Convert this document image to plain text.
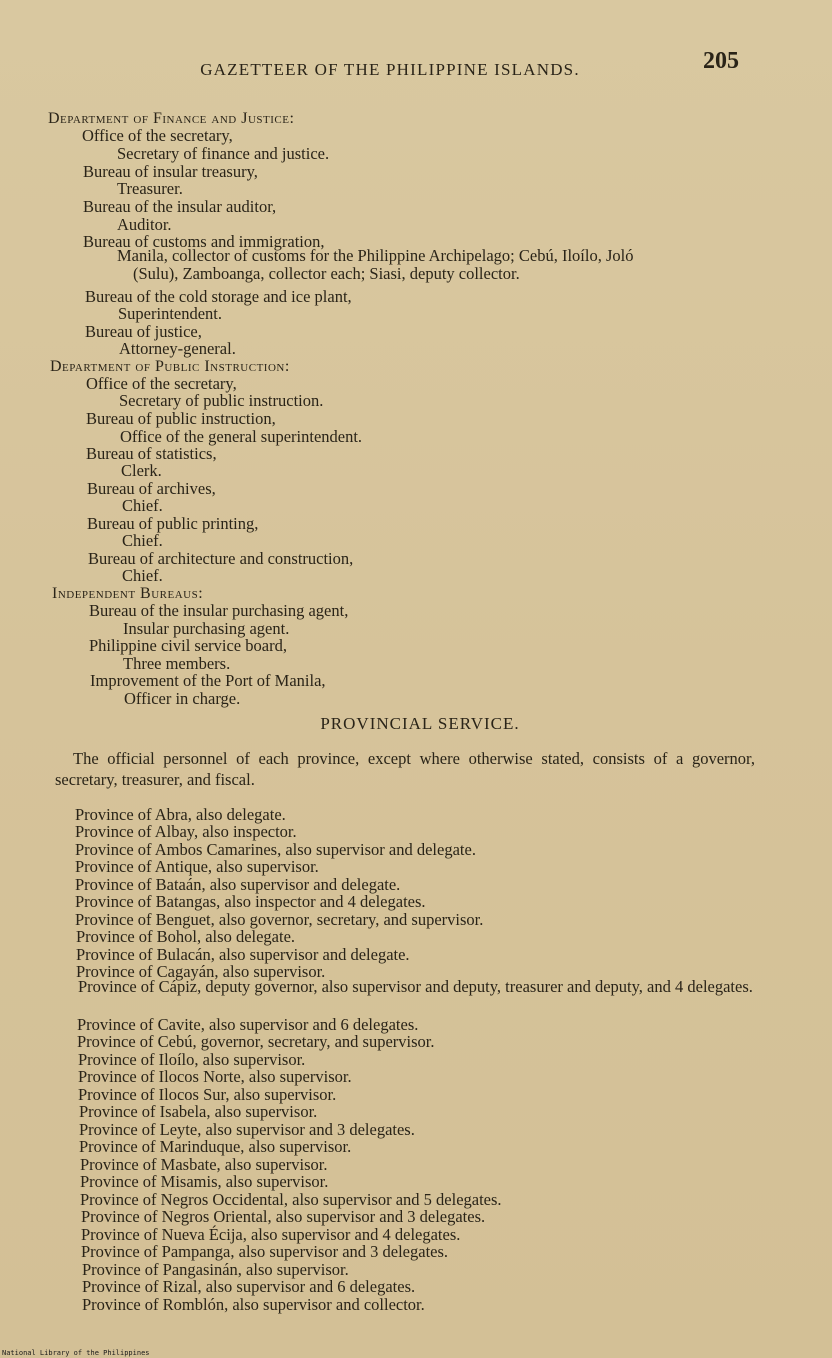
GAZETTEER OF THE PHILIPPINE ISLANDS.	205
Department of Finance and Justice:
Office of the secretary,
Secretary of finance and justice.
Bureau of insular treasury,
Treasurer.
Bureau of the insular auditor,
Auditor.
Bureau of customs and immigration,
Manila, collector of customs for the Philippine Archipelago; Cebú, Iloílo, Joló
(Sulu), Zamboanga, collector each; Siasi, deputy collector.
Bureau of the cold storage and ice plant,
Superintendent.
Bureau of justice,
Attorney-general.
Department of Public Instruction:
Office of the secretary,
Secretary of public instruction.
Bureau of public instruction,
Office of the general superintendent.
Bureau of statistics,
Clerk.
Bureau of archives,
Chief.
Bureau of public printing,
Chief.
Bureau of architecture and construction,
Chief.
Independent Bureaus:
Bureau of the insular purchasing agent,
Insular purchasing agent.
Philippine civil service board,
Three members.
Improvement of the Port of Manila,
Officer in charge.
PROVINCIAL SERVICE.
The official personnel of each province, except where otherwise stated, consists of a governor, secretary, treasurer, and fiscal.
Province of Abra, also delegate.
Province of Albay, also inspector.
Province of Ambos Camarines, also supervisor and delegate.
Province of Antique, also supervisor.
Province of Bataán, also supervisor and delegate.
Province of Batangas, also inspector and 4 delegates.
Province of Benguet, also governor, secretary, and supervisor.
Province of Bohol, also delegate.
Province of Bulacán, also supervisor and delegate.
Province of Cagayán, also supervisor.
Province of Cápiz, deputy governor, also supervisor and deputy, treasurer and deputy, and 4 delegates.
Province of Cavite, also supervisor and 6 delegates.
Province of Cebú, governor, secretary, and supervisor.
Province of Iloílo, also supervisor.
Province of Ilocos Norte, also supervisor.
Province of Ilocos Sur, also supervisor.
Province of Isabela, also supervisor.
Province of Leyte, also supervisor and 3 delegates.
Province of Marinduque, also supervisor.
Province of Masbate, also supervisor.
Province of Misamis, also supervisor.
Province of Negros Occidental, also supervisor and 5 delegates.
Province of Negros Oriental, also supervisor and 3 delegates.
Province of Nueva Écija, also supervisor and 4 delegates.
Province of Pampanga, also supervisor and 3 delegates.
Province of Pangasinán, also supervisor.
Province of Rizal, also supervisor and 6 delegates.
Province of Romblón, also supervisor and collector.
National Library of the Philippines
